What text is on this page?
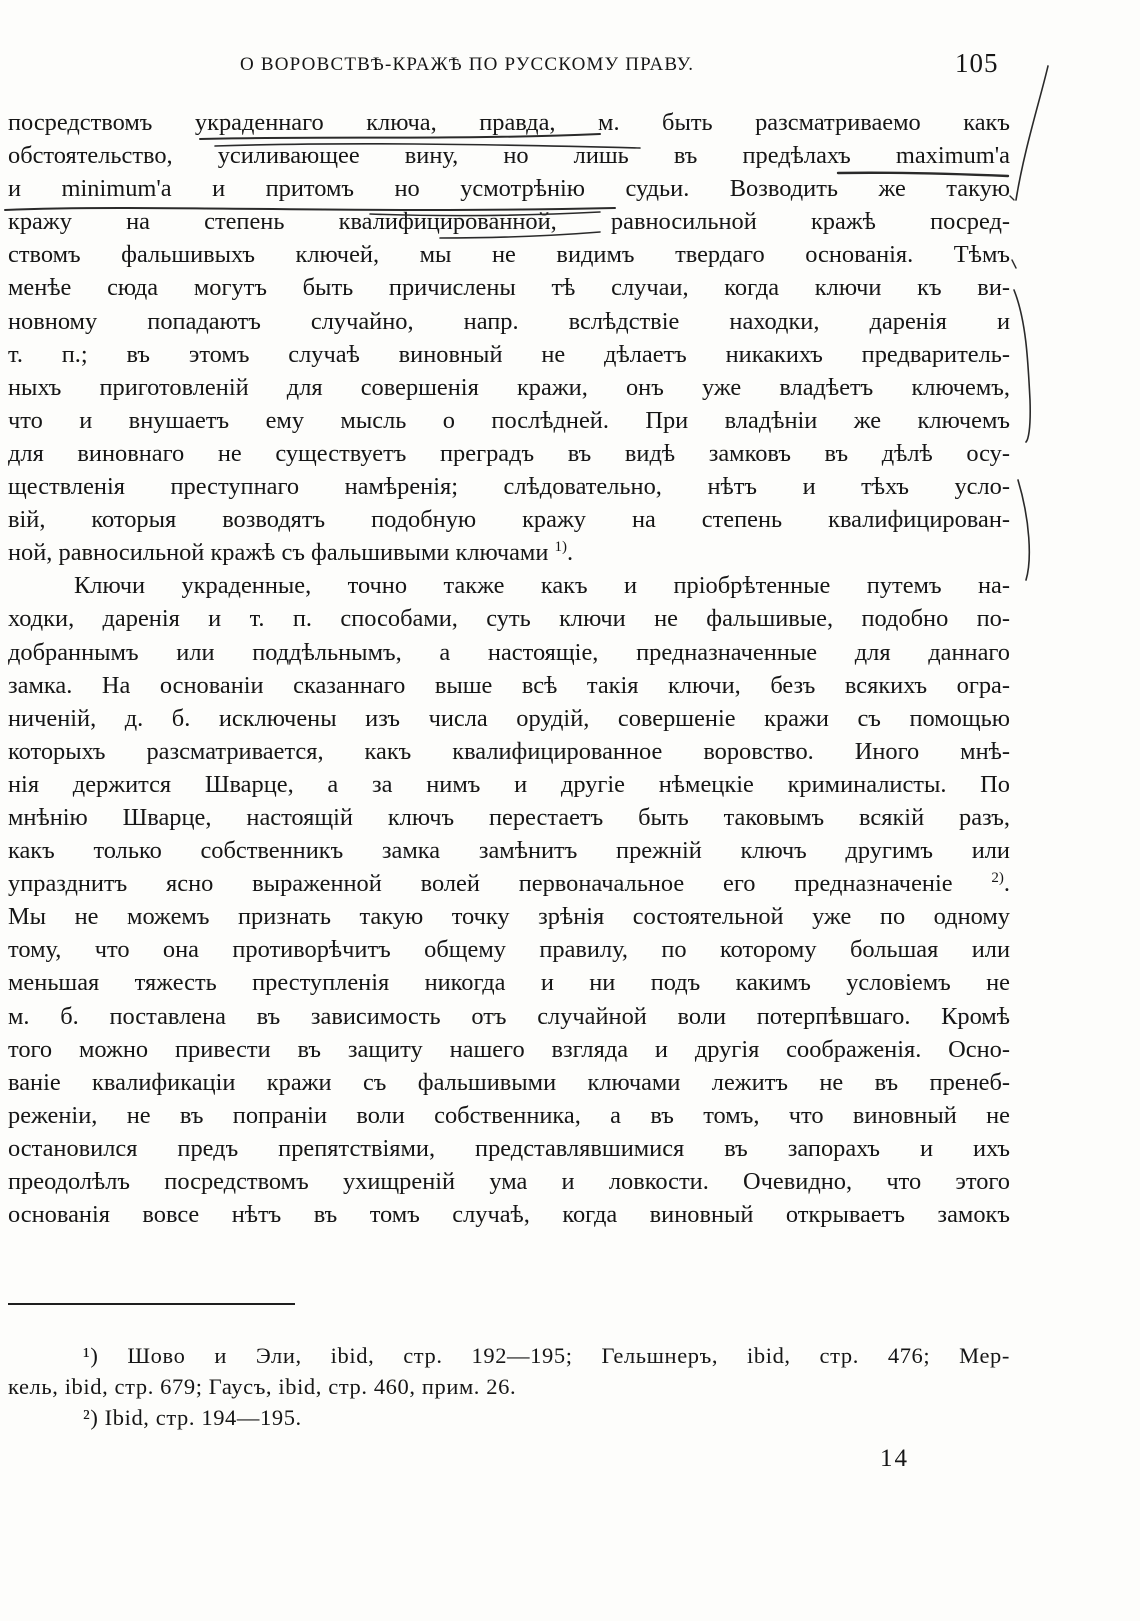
О ВОРОВСТВѢ-КРАЖѢ ПО РУССКОМУ ПРАВУ.	105
посредствомъ украденнаго ключа, правда, м. быть разсматриваемо какъ
обстоятельство, усиливающее вину, но лишь въ предѣлахъ maximum'а
и minimum'а и притомъ но усмотрѣнію судьи. Возводить же такую
кражу на степень квалифицированной, равносильной кражѣ посред-
ствомъ фальшивыхъ ключей, мы не видимъ твердаго основанія. Тѣмъ
менѣе сюда могутъ быть причислены тѣ случаи, когда ключи къ ви-
новному попадаютъ случайно, напр. вслѣдствіе находки, даренія и
т. п.; въ этомъ случаѣ виновный не дѣлаетъ никакихъ предваритель-
ныхъ приготовленій для совершенія кражи, онъ уже владѣетъ ключемъ,
что и внушаетъ ему мысль о послѣдней. При владѣніи же ключемъ
для виновнаго не существуетъ преградъ въ видѣ замковъ въ дѣлѣ осу-
ществленія преступнаго намѣренія; слѣдовательно, нѣтъ и тѣхъ усло-
вій, которыя возводятъ подобную кражу на степень квалифицирован-
ной, равносильной кражѣ съ фальшивыми ключами $^{1)}$.
Ключи украденные, точно также какъ и пріобрѣтенные путемъ на-
ходки, даренія и т. п. способами, суть ключи не фальшивые, подобно по-
добраннымъ или поддѣльнымъ, а настоящіе, предназначенные для даннаго
замка. На основаніи сказаннаго выше всѣ такія ключи, безъ всякихъ огра-
ниченій, д. б. исключены изъ числа орудій, совершеніе кражи съ помощью
которыхъ разсматривается, какъ квалифицированное воровство. Иного мнѣ-
нія держится Шварце, а за нимъ и другіе нѣмецкіе криминалисты. По
мнѣнію Шварце, настоящій ключъ перестаетъ быть таковымъ всякій разъ,
какъ только собственникъ замка замѣнитъ прежній ключъ другимъ или
упразднитъ ясно выраженной волей первоначальное его предназначеніе	$^{2)}$.
Мы не можемъ признать такую точку зрѣнія состоятельной уже по одному
тому, что она противорѣчитъ общему правилу, по которому большая или
меньшая тяжесть преступленія никогда и ни подъ какимъ условіемъ не
м. б. поставлена въ зависимость отъ случайной воли потерпѣвшаго. Кромѣ
того можно привести въ защиту нашего взгляда и другія соображенія. Осно-
ваніе квалификаціи кражи съ фальшивыми ключами лежитъ не въ пренеб-
реженіи, не въ попраніи воли собственника, а въ томъ, что виновный не
остановился предъ препятствіями, представлявшимися въ запорахъ и ихъ
преодолѣлъ посредствомъ ухищреній ума и ловкости. Очевидно, что этого
основанія вовсе нѣтъ въ томъ случаѣ, когда виновный открываетъ замокъ
¹) Шово и Эли, ibid, стр. 192—195; Гельшнеръ, ibid, стр. 476; Мер-
кель, ibid, стр. 679; Гаусъ, ibid, стр. 460, прим. 26.
²) Ibid, стр. 194—195.
14
